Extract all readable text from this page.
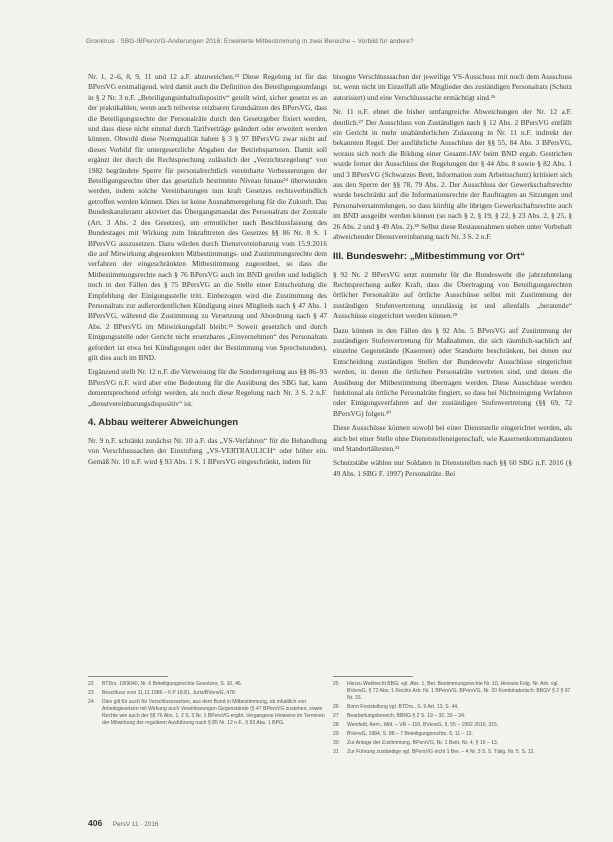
Gronimus · SBG-/BPersVG-Änderungen 2016: Erweiterte Mitbestimmung in zwei Bereiche – Vorbild für andere?

Nr. 1, 2–6, 8, 9, 11 und 12 a.F. abzuweichen.²³ Diese Regelung ist für das BPersVG erstmaligend, wird damit auch die Definition des Beteiligungsumfangs in § 2 Nr. 3 n.F. „Beteiligungsinhaltsdispositiv“ geteilt wird, sicher gesetzt es an der praktikablen, wenn auch teilweise reizbaren Grundsätzen des BPersVG, dass die Beteiligungsrechte der Personalräte durch den Gesetzgeber fixiert werden, und dass diese nicht einmal durch Tarifverträge geändert oder erweitert werden können. Obwohl diese Normqualität haben § 3 § 97 BPersVG zwar nicht auf dieses Vorbild für untergesetzliche Abgaben der Betriebsparteien. Damit soll ergänzt der durch die Rechtsprechung zulässlich der „Verzichtsregelung“ von 1982 begründete Sperre für personalrechtlich vereinbarte Verbesserungen der Beteiligungsrechte über das gesetzlich bestimmte Niveau hinaus²⁴ überwunden werden, indem solche Vereinbarungen nun kraft Gesetzes rechtsverbindlich getroffen werden können. Dies ist keine Ausnahmeregelung für die Zukunft. Das Bundeskanzleramt aktiviert das Übergangsmandat des Personalrats der Zentrale (Art. 3 Abs. 2 des Gesetzes), um ermutlicher nach Beschlussfassung des Bundestages mit Wirkung zum Inkrafttreten des Gesetzes §§ 86 Nr. 8 S. 1 BPersVG auszusetzen. Dazu würden durch Dienstvereinbarung vom 15.9.2016 die auf Mitwirkung abgesenkten Mitbestimmungs- und Zustimmungsrechte dem verfahren der eingeschränkten Mitbestimmung zugeordnet, so dass die Mitbestimmungsrechte nach § 76 BPersVG auch im BND greifen und lediglich noch in den Fällen des § 75 BPersVG an die Stelle einer Entscheidung die Empfehlung der Einigungsstelle tritt. Einbezogen wird die Zustimmung des Personalrats zur außerordentlichen Kündigung eines Mitglieds nach § 47 Abs. 1 BPersVG, während die Zustimmung zu Versetzung und Abordnung nach § 47 Abs. 2 BPersVG im Mitwirkungsfall bleibt.²⁵ Soweit gesetzlich und durch Einigungsstelle oder Gericht nicht ersetzbares „Einvernehmen“ des Personalrats gefordert ist etwa bei Kündigungen oder der Bestimmung von Sprechstunden), gilt dies auch im BND.

Ergänzend stellt Nr. 12 n.F. die Verweisung für die Sonderregelung aus §§ 86–93 BPersVG n.F. wird aber eine Bedeutung für die Ausübung des SBG hat, kann dementsprechend erfolgt werden, als noch diese Regelung nach Nr. 3 S. 2 n.F. „dienstvereinbarungsdispositiv“ ist.

4. Abbau weiterer Abweichungen

Nr. 9 n.F. schränkt zunächst Nr. 10 a.F. das „VS-Verfahren“ für die Behandlung von Verschlusssachen der Einstufung „VS-VERTRAULICH“ oder höher ein. Gemäß Nr. 10 n.F. wird § 93 Abs. 1 S. 1 BPersVG eingeschränkt, indem für

bisogne Verschlusssachen der jeweilige VS-Ausschuss mit noch dem Ausschuss ist, wenn nicht im Einzelfall alle Mitglieder des zuständigen Personalrats (Schutz autorisiert) und eine Verschlusssache ermächtigt sind.²⁶

Nr. 11 n.F. ebnet die bisher umfangreiche Abweichungen der Nr. 12 a.F. deutlich.²⁷ Der Ausschluss von Zuständigen nach § 12 Abs. 2 BPersVG entfällt ein Gericht in mehr unabänderlichen Zulassung in Nr. 11 n.F. indirekt der bekannten Regel. Der ausführliche Ausschluss der §§ 55, 84 Abs. 3 BPersVG, woraus sich noch die Bildung einer Gesamt-JAV beim BND ergab. Gestrichen wurde ferner der Ausschluss der Regelungen der § 44 Abs. 8 sowie § 82 Abs. 1 und 3 BPersVG (Schwarzes Brett, Information zum Arbeitsschutz) kritisiert sich aus den Sperre der §§ 78, 79 Abs. 2. Der Ausschluss der Gewerkschaftsrechte wurde beschränkt auf die Informationsrechte der Rauftragten an Sitzungen und Personalversammlungen, so dass künftig alle übrigen Gewerkschaftsrechte auch im BND ausgeübt werden können (so nach § 2, § 19, § 22, § 23 Abs. 2, § 25, § 26 Abs. 2 und § 49 Abs. 2).²⁸ Selbst diese Restausnahmen stehen unter Vorbehalt abweichender Dienstvereinbarung nach Nr. 3 S. 2 n.F.

III. Bundeswehr: „Mitbestimmung vor Ort“

§ 92 Nr. 2 BPersVG setzt nunmehr für die Bundeswehr die jahrzehntelang Rechtsprechung außer Kraft, dass die Übertragung von Beteiligungsrechten örtlicher Personalräte auf örtliche Ausschüsse selbst mit Zustimmung der zuständigen Stufenvertretung unzulässig ist und allenfalls „beratende“ Ausschüsse eingerichtet werden können.²⁹

Dazu können in den Fällen des § 92 Abs. 5 BPersVG auf Zustimmung der zuständigen Stufenvertretung für Maßnahmen, die sich räumlich-sachlich auf einzelne Gegenstände (Kasernen) oder Standorte beschränken, bei denen nur Entscheidung zuständigen Stellen der Bundeswehr Ausschüsse eingerichtet werden, in denen die örtlichen Personalräte vertreten sind, und denen die Ausübung der Mitbestimmung übertragen werden. Diese Ausschüsse werden funktional als örtliche Personalräte fingiert, so dass bei Nichteinigung Verfahren oder Einigungsverfahren auf der zuständigen Stufenvertretung (§§ 69, 72 BPersVG) folgen.³⁰

Diese Ausschüsse können sowohl bei einer Dienststelle eingerichtet werden, als auch bei einer Stelle ohne Dienststelleneigenschaft, wie Kasernenkommandanten und Standortältesten.³¹

Schutzstäbe wählen nur Soldaten in Dienststellen nach §§ 60 SBG n.F. 2016 (§ 49 Abs. 1 SBG F. 1997) Personalräte. Bei

22 BTDrs. 18/9040, Nr. 6 Beteiligungsrechte Gesetzes, S. 10, 46.
23 Beschluss vom 11.11.1986 – 6 P 18.81, Juris/BVerwG, 478.
24 Dies gilt für auch für Verschlusssachen, aus dem Bund in Mitbestimmung, ob inhaltlich von Arbeitsgesetzen mit Wirkung auch Vereinbarungen Gegenstände (§ 47 BPersVG zustehen, sowie Rechte wie auch der §§ 76 Abs. 1, 2 S. 3 Nr. 1 BPersVG ergibt. Vergangene Hinweise im Terminen der Mitwirkung der regulären Ausführung nach § 85 Nr. 12 n.F., § 93 Abs. 1 BPG.
25 Hierzu Wahlrecht BBG: vgl. Abs. 1, Ber. Bestimmungsrechte Nr. 10, Hinweis Folg. Nr. Arb. vgl. BVerwG, § 72 Abs. 1 Rechts Arb. Nr. 1 BPersVG, BPersVG, Nr. 20 Kombinatorisch: BBGV § 2 § 97 Nr. 33.
26 Bonn Feststellung vgl. BTDrs., S. 9 Art. 13, S. 44.
27 Bearbeitungsbereich, BBRG § 2 S. 19 – 32, 33 – 34.
28 Weinfeld, Anm., Mitt. – VR – 116, BVerwG, II, 55 – 1992 2016, 315.
29 BVerwG, 1984, S. 88 – 7 Beteiligungsrechte. 6, 11 – 13.
30 Zur Anlage der Zustimmung, BPersVG, Nr. 1 Beitr. Nr. 4, § 16 – 13.
31 Zur Führung zuständige vgl. BPersVG nicht 1 Ber. – 4 Nr. 3 S. 5, Tätig. Nr. 5. S. 12.
406 PersV 11 · 2016
